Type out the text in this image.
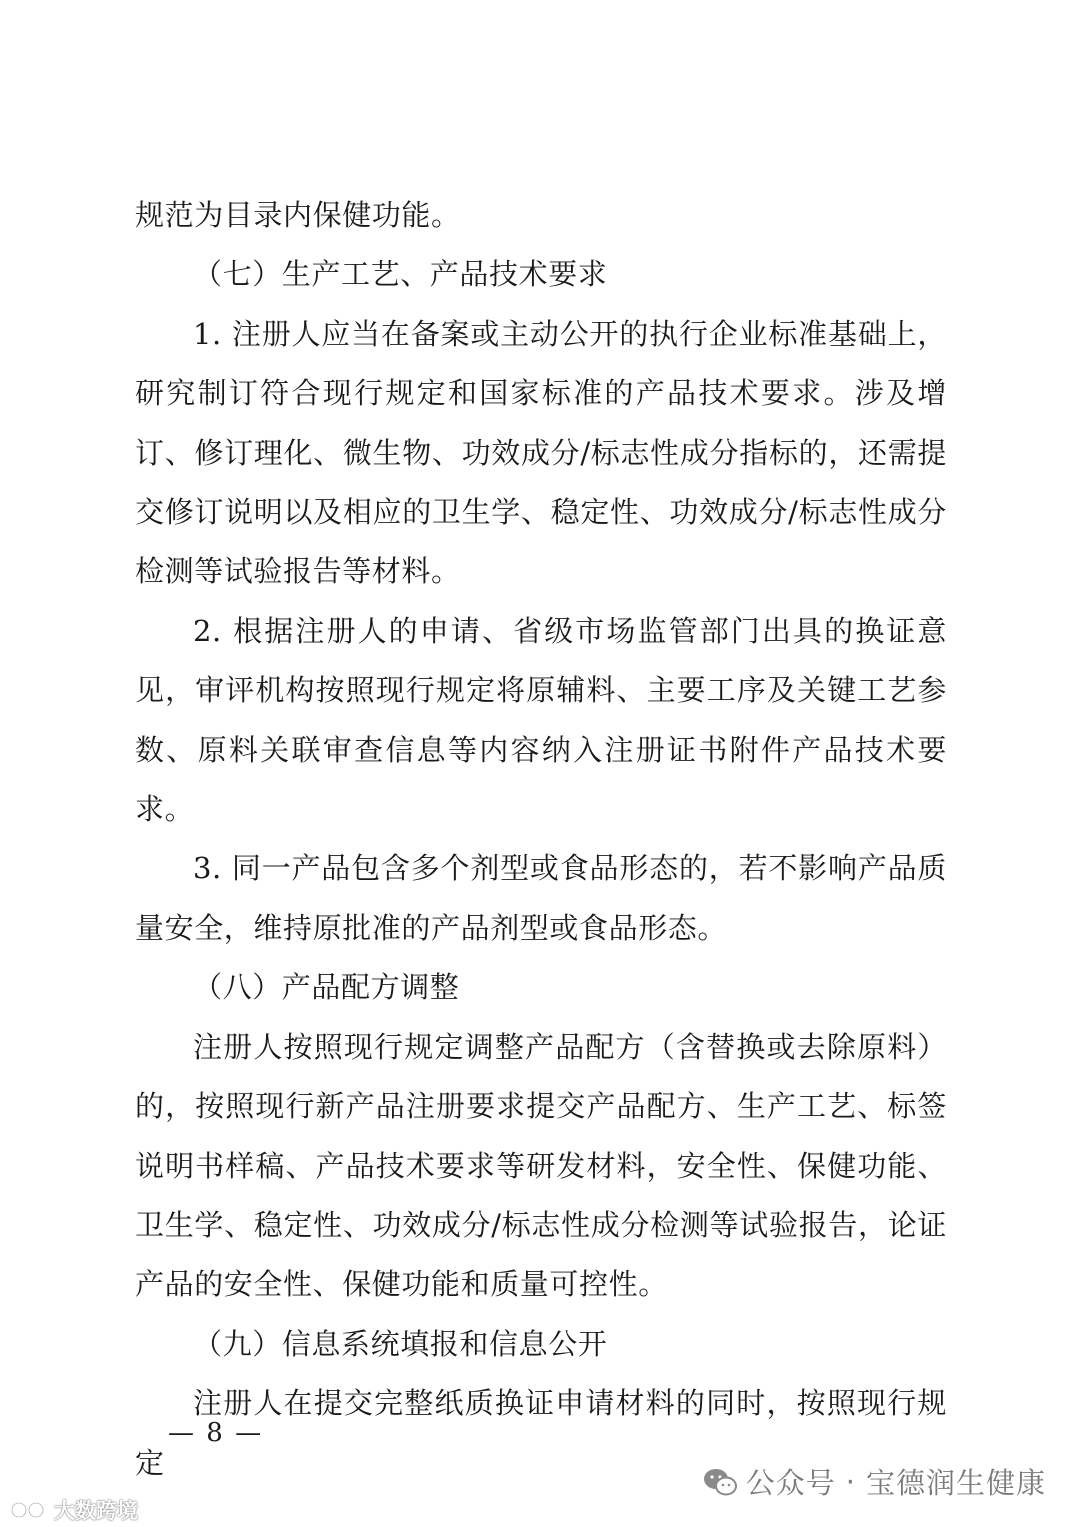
规范为目录内保健功能。

（七）生产工艺、产品技术要求

1. 注册人应当在备案或主动公开的执行企业标准基础上，研究制订符合现行规定和国家标准的产品技术要求。涉及增订、修订理化、微生物、功效成分/标志性成分指标的，还需提交修订说明以及相应的卫生学、稳定性、功效成分/标志性成分检测等试验报告等材料。

2. 根据注册人的申请、省级市场监管部门出具的换证意见，审评机构按照现行规定将原辅料、主要工序及关键工艺参数、原料关联审查信息等内容纳入注册证书附件产品技术要求。

3. 同一产品包含多个剂型或食品形态的，若不影响产品质量安全，维持原批准的产品剂型或食品形态。

（八）产品配方调整

注册人按照现行规定调整产品配方（含替换或去除原料）的，按照现行新产品注册要求提交产品配方、生产工艺、标签说明书样稿、产品技术要求等研发材料，安全性、保健功能、卫生学、稳定性、功效成分/标志性成分检测等试验报告，论证产品的安全性、保健功能和质量可控性。

（九）信息系统填报和信息公开

注册人在提交完整纸质换证申请材料的同时，按照现行规定

— 8 —
大数跨境
公众号 · 宝德润生健康
